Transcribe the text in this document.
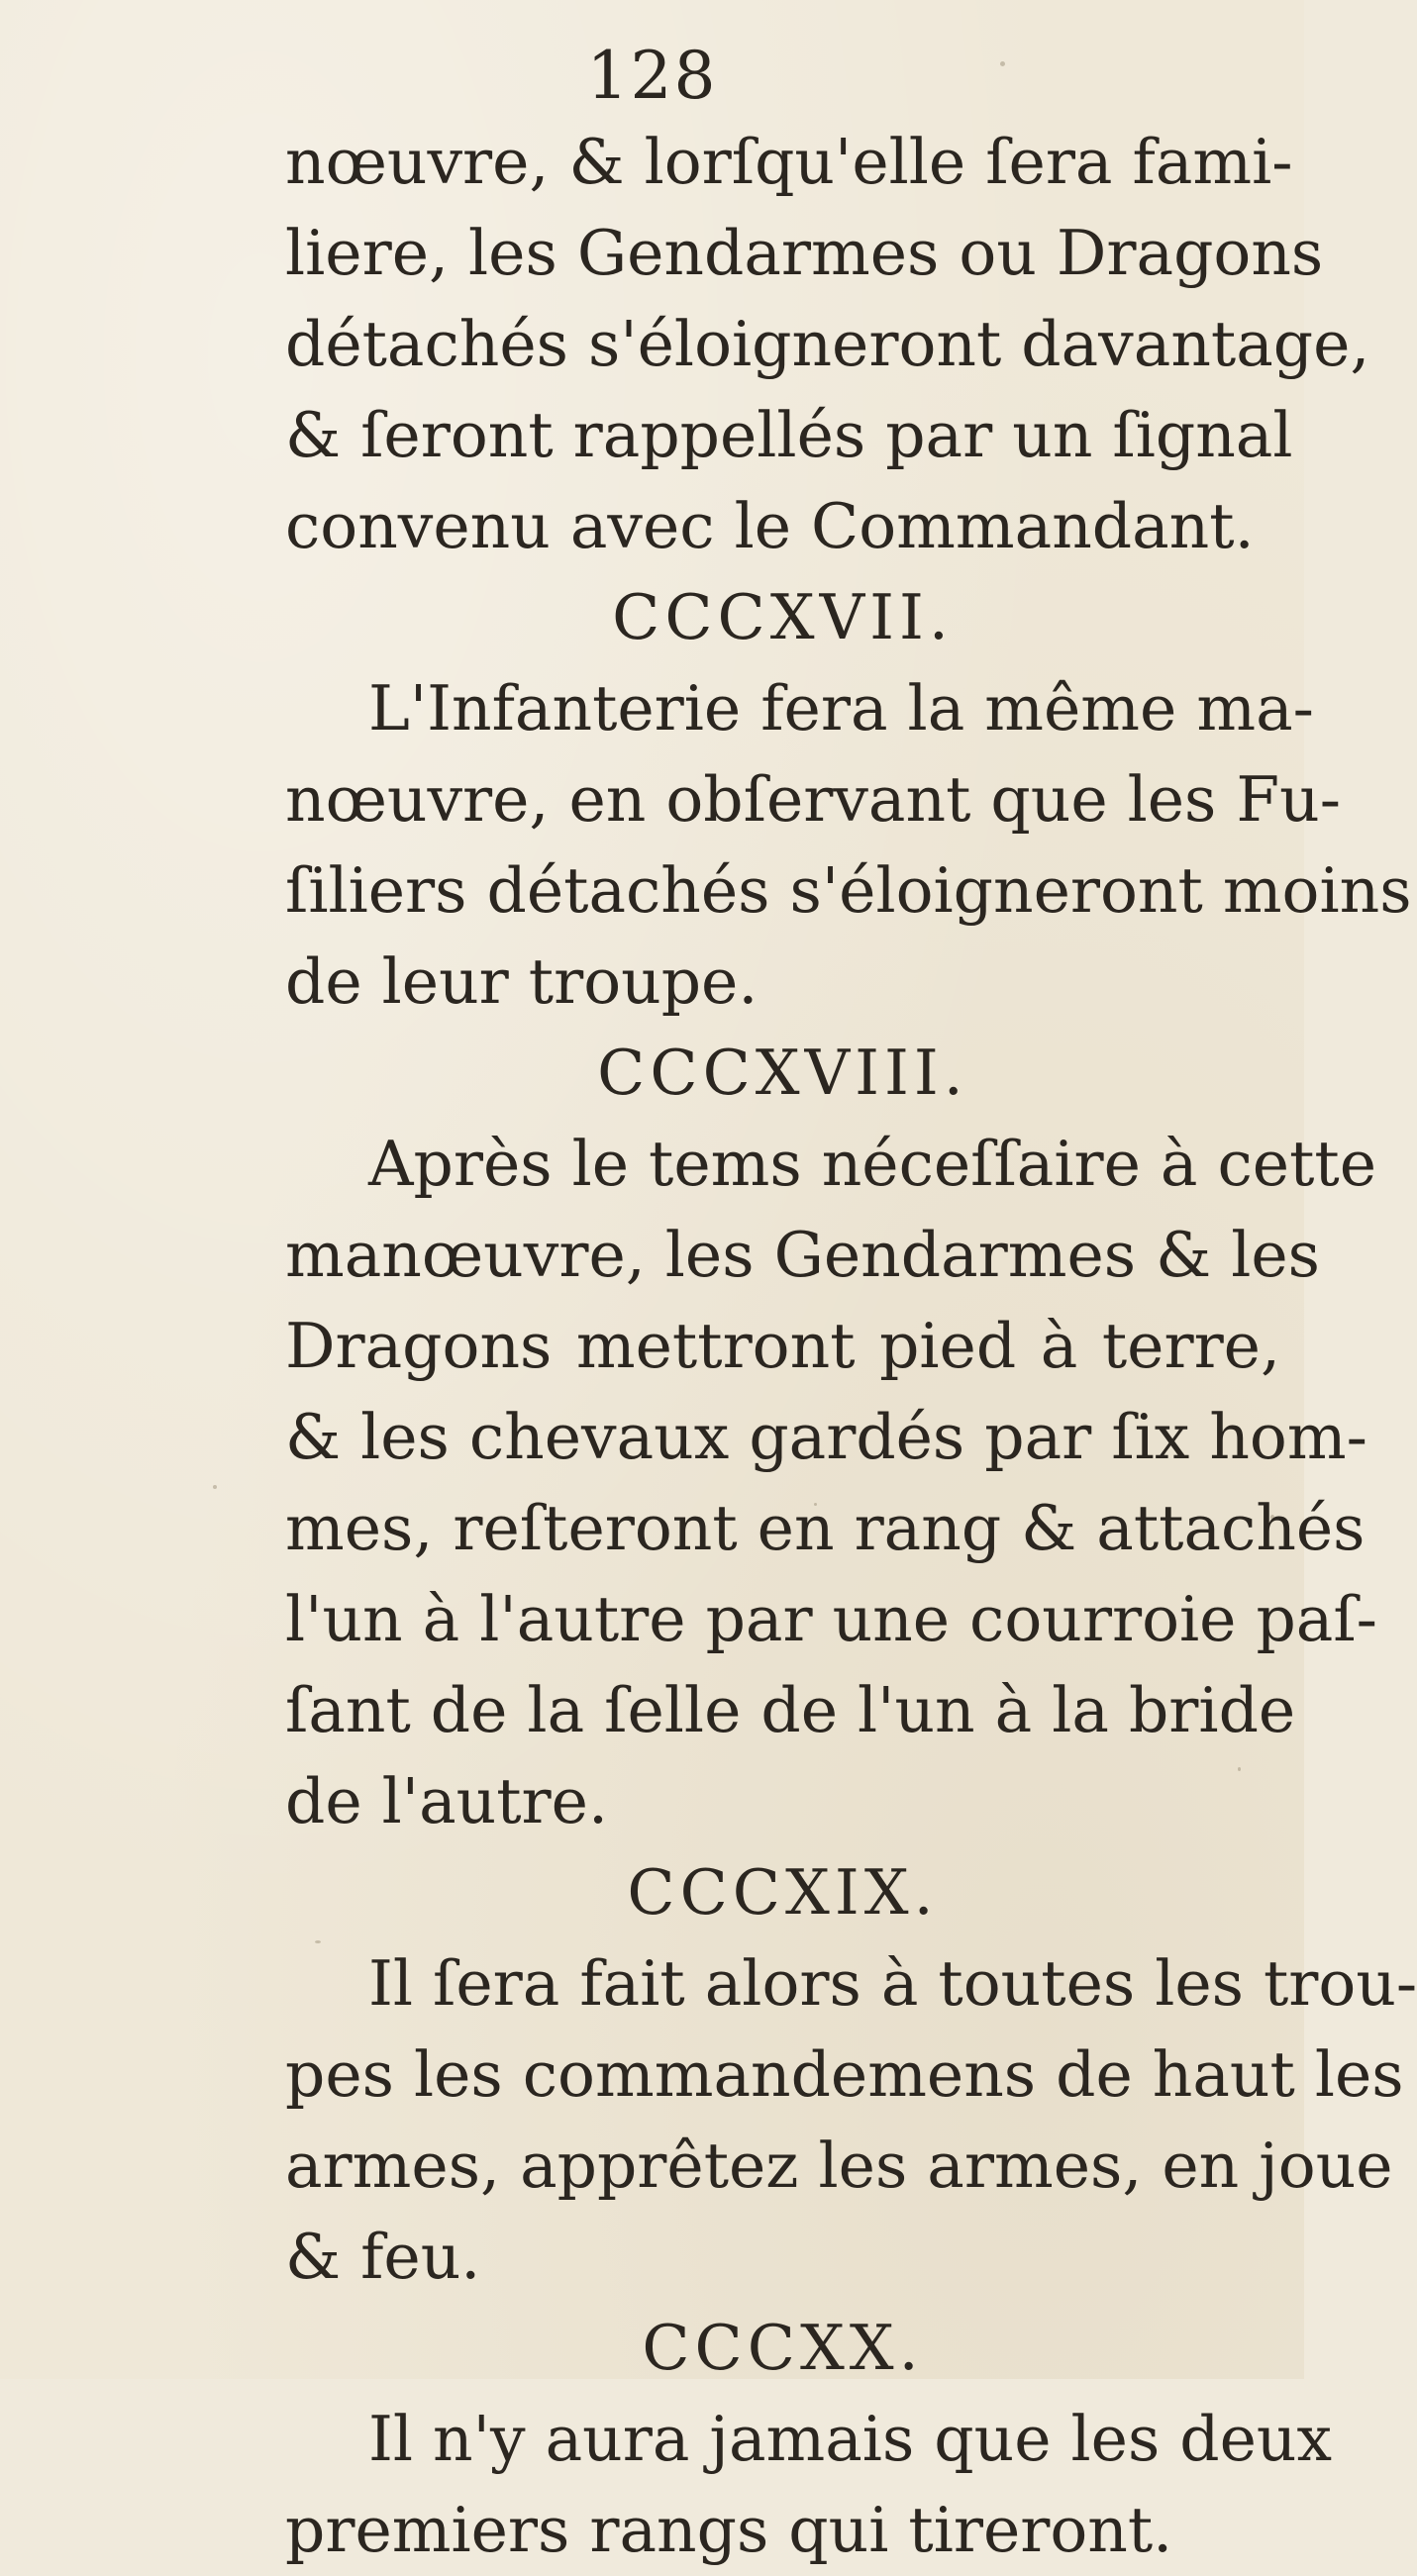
128
nœuvre, & lorſqu'elle ſera fami-
liere, les Gendarmes ou Dragons
détachés s'éloigneront davantage,
& ſeront rappellés par un ſignal
convenu avec le Commandant.
CCCXVII.
L'Infanterie fera la même ma-
nœuvre, en obſervant que les Fu-
ſiliers détachés s'éloigneront moins
de leur troupe.
CCCXVIII.
Après le tems néceſſaire à cette
manœuvre, les Gendarmes & les
Dragons mettront pied à terre,
& les chevaux gardés par ſix hom-
mes, reſteront en rang & attachés
l'un à l'autre par une courroie paſ-
ſant de la ſelle de l'un à la bride
de l'autre.
CCCXIX.
Il ſera fait alors à toutes les trou-
pes les commandemens de haut les
armes, apprêtez les armes, en joue
& feu.
CCCXX.
Il n'y aura jamais que les deux
premiers rangs qui tireront.
